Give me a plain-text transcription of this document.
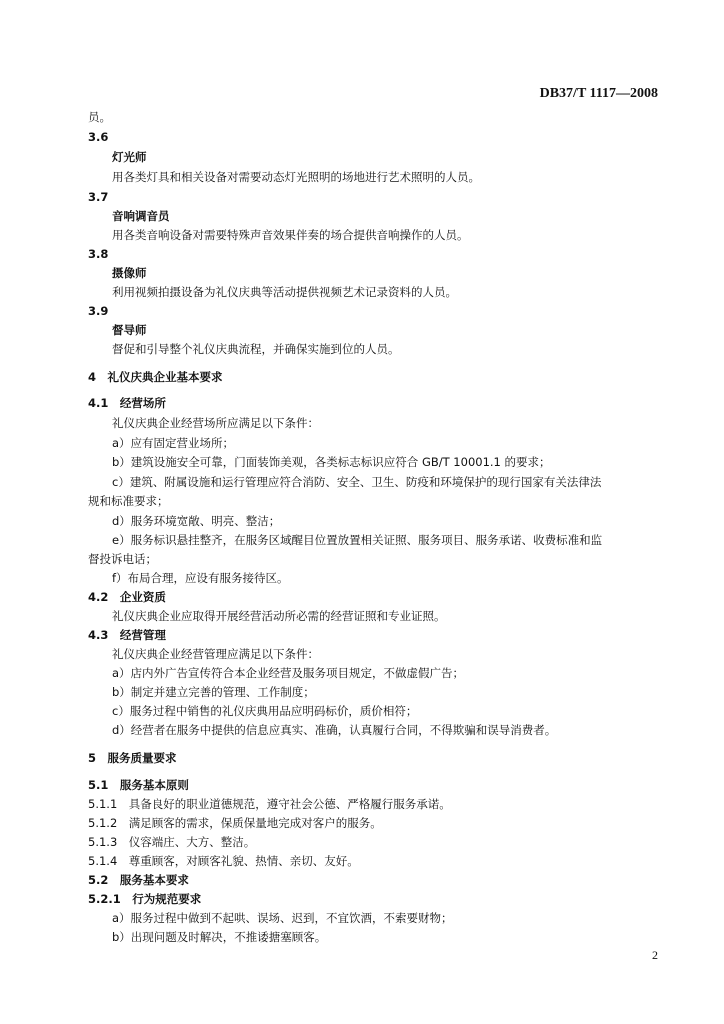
DB37/T 1117—2008
员。
3.6
灯光师
用各类灯具和相关设备对需要动态灯光照明的场地进行艺术照明的人员。
3.7
音响调音员
用各类音响设备对需要特殊声音效果伴奏的场合提供音响操作的人员。
3.8
摄像师
利用视频拍摄设备为礼仪庆典等活动提供视频艺术记录资料的人员。
3.9
督导师
督促和引导整个礼仪庆典流程，并确保实施到位的人员。
4　礼仪庆典企业基本要求
4.1　经营场所
礼仪庆典企业经营场所应满足以下条件：
a）应有固定营业场所；
b）建筑设施安全可靠，门面装饰美观，各类标志标识应符合 GB/T 10001.1 的要求；
c）建筑、附属设施和运行管理应符合消防、安全、卫生、防疫和环境保护的现行国家有关法律法
规和标准要求；
d）服务环境宽敞、明亮、整洁；
e）服务标识悬挂整齐，在服务区域醒目位置放置相关证照、服务项目、服务承诺、收费标准和监
督投诉电话；
f）布局合理，应设有服务接待区。
4.2　企业资质
礼仪庆典企业应取得开展经营活动所必需的经营证照和专业证照。
4.3　经营管理
礼仪庆典企业经营管理应满足以下条件：
a）店内外广告宣传符合本企业经营及服务项目规定，不做虚假广告；
b）制定并建立完善的管理、工作制度；
c）服务过程中销售的礼仪庆典用品应明码标价，质价相符；
d）经营者在服务中提供的信息应真实、准确，认真履行合同，不得欺骗和误导消费者。
5　服务质量要求
5.1　服务基本原则
5.1.1　具备良好的职业道德规范，遵守社会公德、严格履行服务承诺。
5.1.2　满足顾客的需求，保质保量地完成对客户的服务。
5.1.3　仪容端庄、大方、整洁。
5.1.4　尊重顾客，对顾客礼貌、热情、亲切、友好。
5.2　服务基本要求
5.2.1　行为规范要求
a）服务过程中做到不起哄、误场、迟到，不宜饮酒，不索要财物；
b）出现问题及时解决，不推诿搪塞顾客。
2
